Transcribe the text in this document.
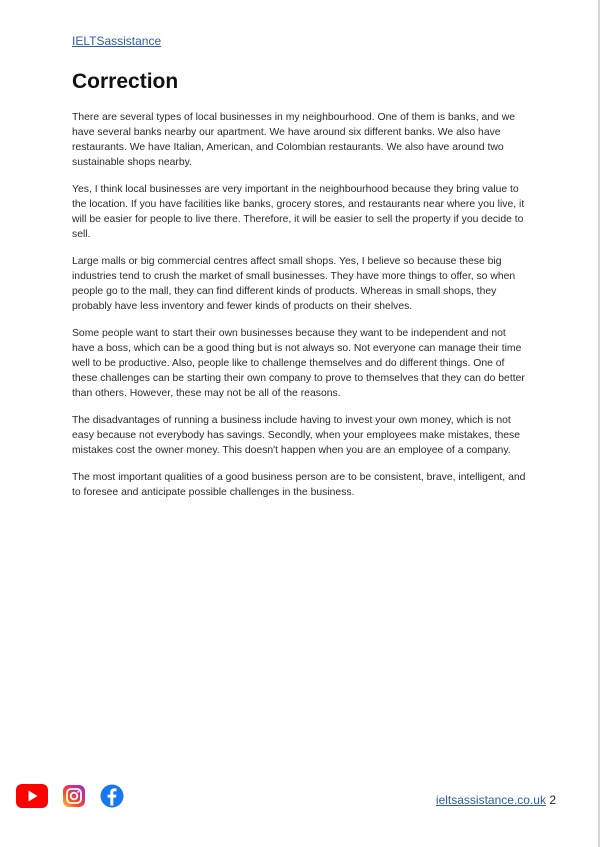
IELTSassistance
Correction

There are several types of local businesses in my neighbourhood. One of them is banks, and we have several banks nearby our apartment. We have around six different banks. We also have restaurants. We have Italian, American, and Colombian restaurants. We also have around two sustainable shops nearby.

Yes, I think local businesses are very important in the neighbourhood because they bring value to the location. If you have facilities like banks, grocery stores, and restaurants near where you live, it will be easier for people to live there. Therefore, it will be easier to sell the property if you decide to sell.

Large malls or big commercial centres affect small shops. Yes, I believe so because these big industries tend to crush the market of small businesses. They have more things to offer, so when people go to the mall, they can find different kinds of products. Whereas in small shops, they probably have less inventory and fewer kinds of products on their shelves.

Some people want to start their own businesses because they want to be independent and not have a boss, which can be a good thing but is not always so. Not everyone can manage their time well to be productive. Also, people like to challenge themselves and do different things. One of these challenges can be starting their own company to prove to themselves that they can do better than others. However, these may not be all of the reasons.

The disadvantages of running a business include having to invest your own money, which is not easy because not everybody has savings. Secondly, when your employees make mistakes, these mistakes cost the owner money. This doesn't happen when you are an employee of a company.

The most important qualities of a good business person are to be consistent, brave, intelligent, and to foresee and anticipate possible challenges in the business.

ieltsassistance.co.uk 2
